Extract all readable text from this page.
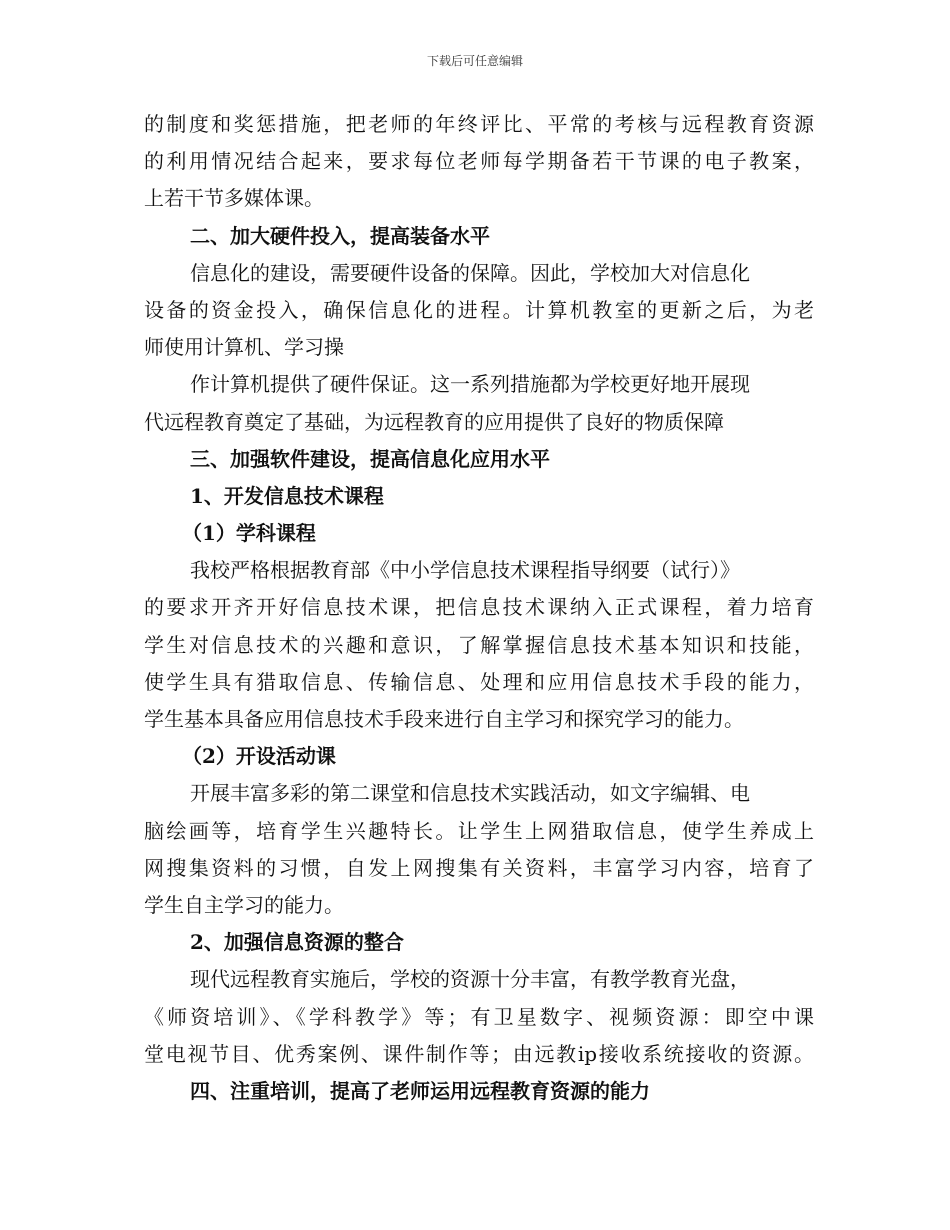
下载后可任意编辑
的制度和奖惩措施，把老师的年终评比、平常的考核与远程教育资源
的利用情况结合起来，要求每位老师每学期备若干节课的电子教案，
上若干节多媒体课。
二、加大硬件投入，提高装备水平
信息化的建设，需要硬件设备的保障。因此，学校加大对信息化
设备的资金投入，确保信息化的进程。计算机教室的更新之后，为老
师使用计算机、学习操
作计算机提供了硬件保证。这一系列措施都为学校更好地开展现
代远程教育奠定了基础，为远程教育的应用提供了良好的物质保障
三、加强软件建设，提高信息化应用水平
1、开发信息技术课程
（1）学科课程
我校严格根据教育部《中小学信息技术课程指导纲要（试行）》
的要求开齐开好信息技术课，把信息技术课纳入正式课程，着力培育
学生对信息技术的兴趣和意识，了解掌握信息技术基本知识和技能，
使学生具有猎取信息、传输信息、处理和应用信息技术手段的能力，
学生基本具备应用信息技术手段来进行自主学习和探究学习的能力。
（2）开设活动课
开展丰富多彩的第二课堂和信息技术实践活动，如文字编辑、电
脑绘画等，培育学生兴趣特长。让学生上网猎取信息，使学生养成上
网搜集资料的习惯，自发上网搜集有关资料，丰富学习内容，培育了
学生自主学习的能力。
2、加强信息资源的整合
现代远程教育实施后，学校的资源十分丰富，有教学教育光盘，
《师资培训》、《学科教学》等；有卫星数字、视频资源：即空中课
堂电视节目、优秀案例、课件制作等；由远教ip接收系统接收的资源。
四、注重培训，提高了老师运用远程教育资源的能力
